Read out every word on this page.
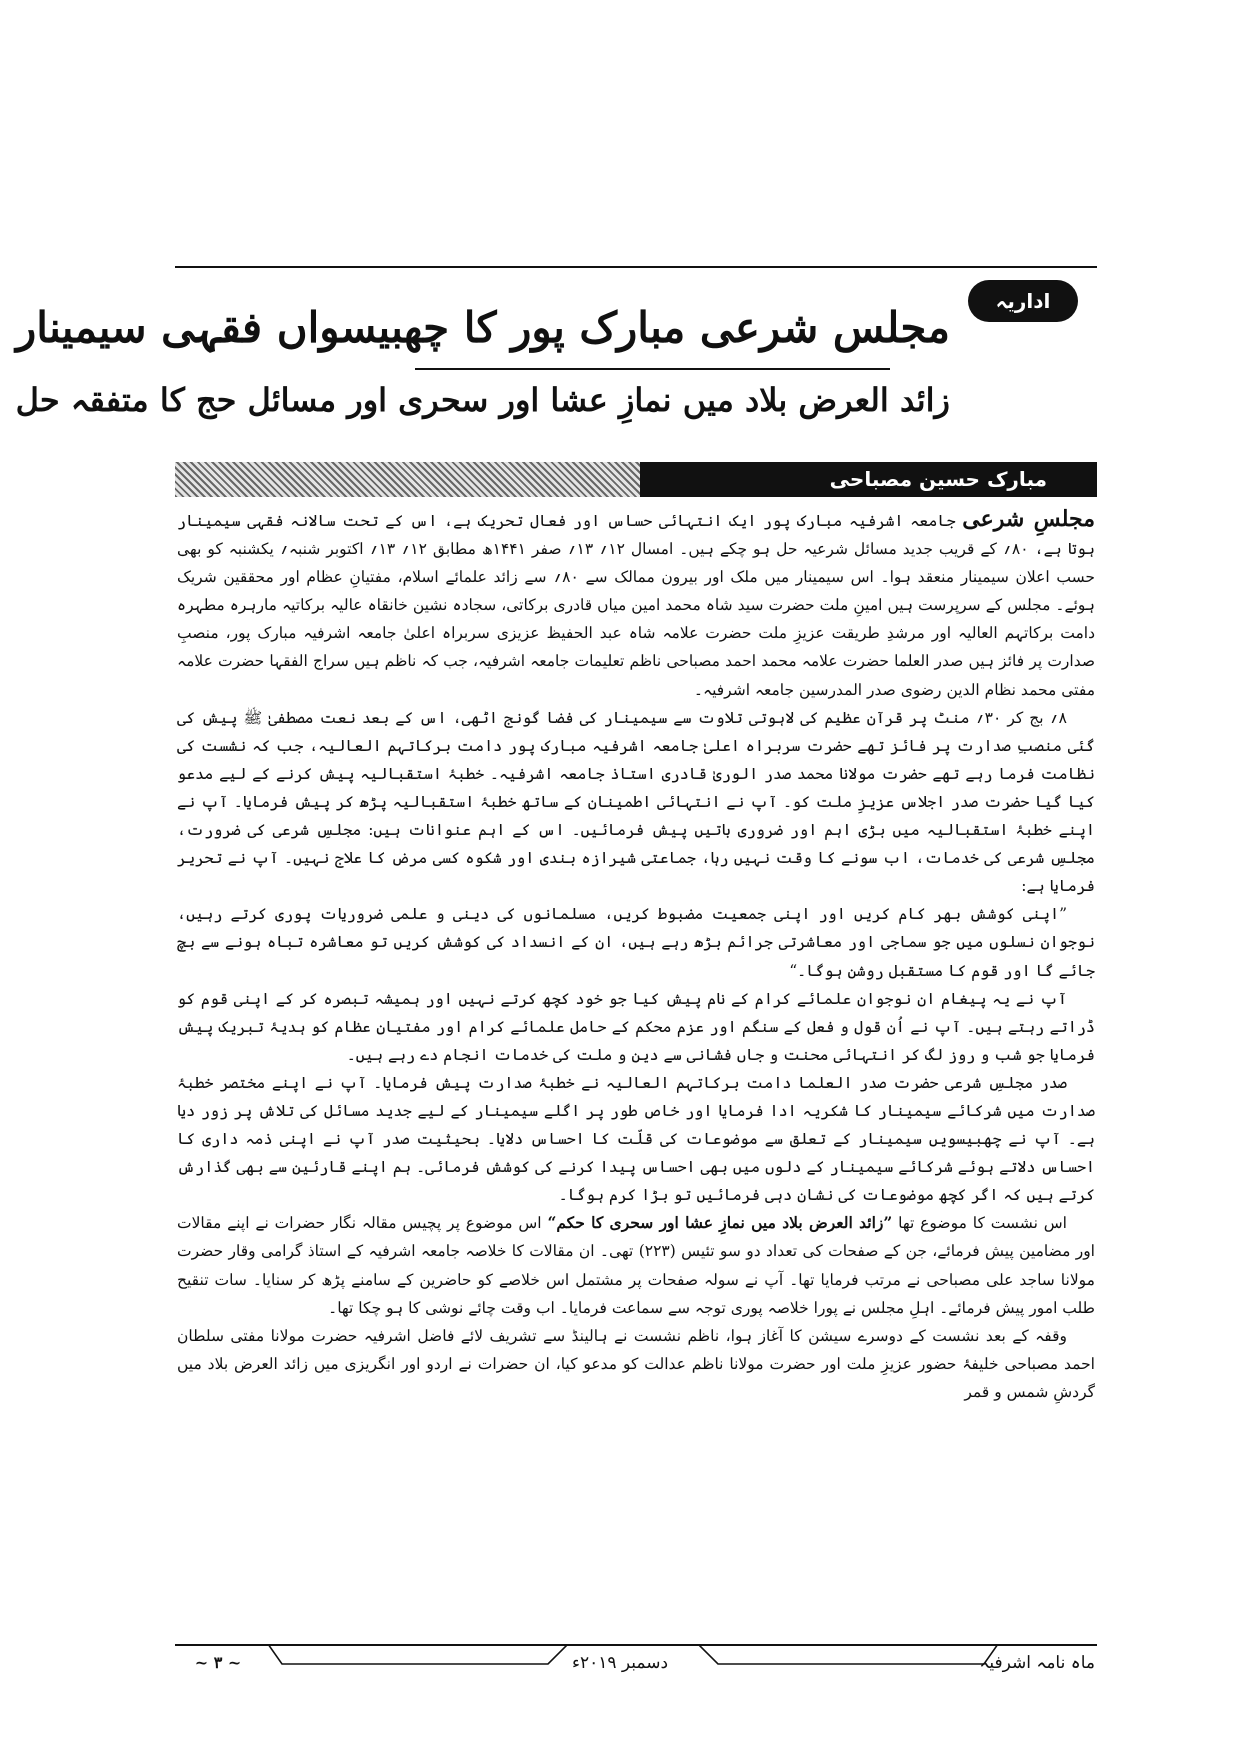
اداریہ
مجلس شرعی مبارک پور کا چھبیسواں فقہی سیمینار
زائد العرض بلاد میں نمازِ عشا اور سحری اور مسائل حج کا متفقہ حل
مبارک حسین مصباحی

مجلسِ شرعی جامعہ اشرفیہ مبارک پور ایک انتہائی حساس اور فعال تحریک ہے، اس کے تحت سالانہ فقہی سیمینار ہوتا ہے، ۸۰؍ کے قریب جدید مسائل شرعیہ حل ہو چکے ہیں۔ امسال ۱۲؍ ۱۳؍ صفر ۱۴۴۱ھ مطابق ۱۲؍ ۱۳؍ اکتوبر شنبہ؍ یکشنبہ کو بھی حسب اعلان سیمینار منعقد ہوا۔ اس سیمینار میں ملک اور بیرون ممالک سے ۸۰؍ سے زائد علمائے اسلام، مفتیانِ عظام اور محققین شریک ہوئے۔ مجلس کے سرپرست ہیں امینِ ملت حضرت سید شاہ محمد امین میاں قادری برکاتی، سجادہ نشین خانقاہ عالیہ برکاتیہ مارہرہ مطہرہ دامت برکاتہم العالیہ اور مرشدِ طریقت عزیزِ ملت حضرت علامہ شاہ عبد الحفیظ عزیزی سربراہ اعلیٰ جامعہ اشرفیہ مبارک پور، منصبِ صدارت پر فائز ہیں صدر العلما حضرت علامہ محمد احمد مصباحی ناظم تعلیمات جامعہ اشرفیہ، جب کہ ناظم ہیں سراج الفقہا حضرت علامہ مفتی محمد نظام الدین رضوی صدر المدرسین جامعہ اشرفیہ۔

۸؍ بج کر ۳۰؍ منٹ پر قرآن عظیم کی لاہوتی تلاوت سے سیمینار کی فضا گونج اٹھی، اس کے بعد نعت مصطفیٰ ﷺ پیش کی گئی منصبِ صدارت پر فائز تھے حضرت سربراہ اعلیٰ جامعہ اشرفیہ مبارک پور دامت برکاتہم العالیہ، جب کہ نشست کی نظامت فرما رہے تھے حضرت مولانا محمد صدر الوریٰ قادری استاذ جامعہ اشرفیہ۔ خطبۂ استقبالیہ پیش کرنے کے لیے مدعو کیا گیا حضرت صدر اجلاس عزیزِ ملت کو۔ آپ نے انتہائی اطمینان کے ساتھ خطبۂ استقبالیہ پڑھ کر پیش فرمایا۔ آپ نے اپنے خطبۂ استقبالیہ میں بڑی اہم اور ضروری باتیں پیش فرمائیں۔ اس کے اہم عنوانات ہیں: مجلسِ شرعی کی ضرورت، مجلسِ شرعی کی خدمات، اب سونے کا وقت نہیں رہا، جماعتی شیرازہ بندی اور شکوہ کسی مرض کا علاج نہیں۔ آپ نے تحریر فرمایا ہے:

”اپنی کوشش بھر کام کریں اور اپنی جمعیت مضبوط کریں، مسلمانوں کی دینی و علمی ضروریات پوری کرتے رہیں، نوجوان نسلوں میں جو سماجی اور معاشرتی جرائم بڑھ رہے ہیں، ان کے انسداد کی کوشش کریں تو معاشرہ تباہ ہونے سے بچ جائے گا اور قوم کا مستقبل روشن ہوگا۔“

آپ نے یہ پیغام ان نوجوان علمائے کرام کے نام پیش کیا جو خود کچھ کرتے نہیں اور ہمیشہ تبصرہ کر کے اپنی قوم کو ڈراتے رہتے ہیں۔ آپ نے اُن قول و فعل کے سنگم اور عزم محکم کے حامل علمائے کرام اور مفتیانِ عظام کو ہدیۂ تبریک پیش فرمایا جو شب و روز لگ کر انتہائی محنت و جاں فشانی سے دین و ملت کی خدمات انجام دے رہے ہیں۔

صدر مجلسِ شرعی حضرت صدر العلما دامت برکاتہم العالیہ نے خطبۂ صدارت پیش فرمایا۔ آپ نے اپنے مختصر خطبۂ صدارت میں شرکائے سیمینار کا شکریہ ادا فرمایا اور خاص طور پر اگلے سیمینار کے لیے جدید مسائل کی تلاش پر زور دیا ہے۔ آپ نے چھبیسویں سیمینار کے تعلق سے موضوعات کی قلّت کا احساس دلایا۔ بحیثیت صدر آپ نے اپنی ذمہ داری کا احساس دلاتے ہوئے شرکائے سیمینار کے دلوں میں بھی احساس پیدا کرنے کی کوشش فرمائی۔ ہم اپنے قارئین سے بھی گذارش کرتے ہیں کہ اگر کچھ موضوعات کی نشان دہی فرمائیں تو بڑا کرم ہوگا۔

اس نشست کا موضوع تھا ”زائد العرض بلاد میں نمازِ عشا اور سحری کا حکم“ اس موضوع پر پچیس مقالہ نگار حضرات نے اپنے مقالات اور مضامین پیش فرمائے، جن کے صفحات کی تعداد دو سو تئیس (۲۲۳) تھی۔ ان مقالات کا خلاصہ جامعہ اشرفیہ کے استاذ گرامی وقار حضرت مولانا ساجد علی مصباحی نے مرتب فرمایا تھا۔ آپ نے سولہ صفحات پر مشتمل اس خلاصے کو حاضرین کے سامنے پڑھ کر سنایا۔ سات تنقیح طلب امور پیش فرمائے۔ اہلِ مجلس نے پورا خلاصہ پوری توجہ سے سماعت فرمایا۔ اب وقت چائے نوشی کا ہو چکا تھا۔

وقفہ کے بعد نشست کے دوسرے سیشن کا آغاز ہوا، ناظم نشست نے ہالینڈ سے تشریف لائے فاضل اشرفیہ حضرت مولانا مفتی سلطان احمد مصباحی خلیفۂ حضور عزیزِ ملت اور حضرت مولانا ناظم عدالت کو مدعو کیا، ان حضرات نے اردو اور انگریزی میں زائد العرض بلاد میں گردشِ شمس و قمر

~ ۳ ~	دسمبر ۲۰۱۹ء	ماہ نامہ اشرفیہ
